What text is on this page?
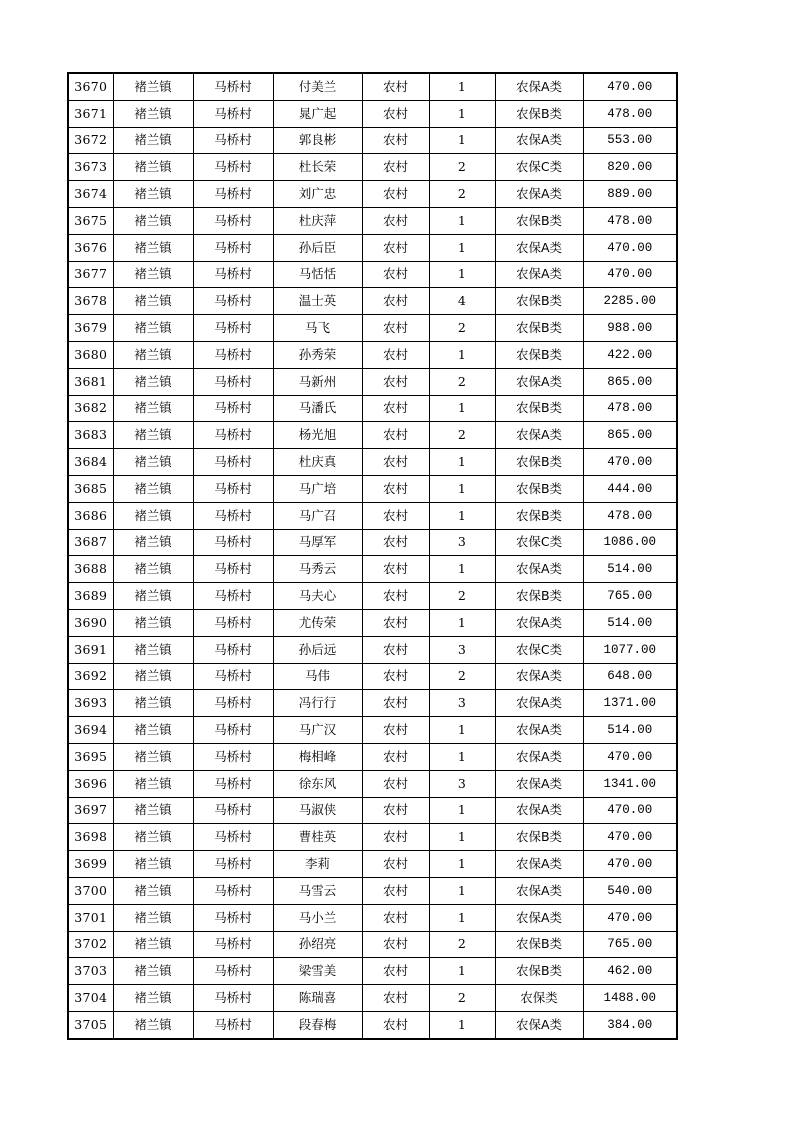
3670	褚兰镇	马桥村	付美兰	农村	1	农保A类	470.00
3671	褚兰镇	马桥村	晁广起	农村	1	农保B类	478.00
3672	褚兰镇	马桥村	郭良彬	农村	1	农保A类	553.00
3673	褚兰镇	马桥村	杜长荣	农村	2	农保C类	820.00
3674	褚兰镇	马桥村	刘广忠	农村	2	农保A类	889.00
3675	褚兰镇	马桥村	杜庆萍	农村	1	农保B类	478.00
3676	褚兰镇	马桥村	孙后臣	农村	1	农保A类	470.00
3677	褚兰镇	马桥村	马恬恬	农村	1	农保A类	470.00
3678	褚兰镇	马桥村	温士英	农村	4	农保B类	2285.00
3679	褚兰镇	马桥村	马飞	农村	2	农保B类	988.00
3680	褚兰镇	马桥村	孙秀荣	农村	1	农保B类	422.00
3681	褚兰镇	马桥村	马新州	农村	2	农保A类	865.00
3682	褚兰镇	马桥村	马潘氏	农村	1	农保B类	478.00
3683	褚兰镇	马桥村	杨光旭	农村	2	农保A类	865.00
3684	褚兰镇	马桥村	杜庆真	农村	1	农保B类	470.00
3685	褚兰镇	马桥村	马广培	农村	1	农保B类	444.00
3686	褚兰镇	马桥村	马广召	农村	1	农保B类	478.00
3687	褚兰镇	马桥村	马厚军	农村	3	农保C类	1086.00
3688	褚兰镇	马桥村	马秀云	农村	1	农保A类	514.00
3689	褚兰镇	马桥村	马夫心	农村	2	农保B类	765.00
3690	褚兰镇	马桥村	尤传荣	农村	1	农保A类	514.00
3691	褚兰镇	马桥村	孙后远	农村	3	农保C类	1077.00
3692	褚兰镇	马桥村	马伟	农村	2	农保A类	648.00
3693	褚兰镇	马桥村	冯行行	农村	3	农保A类	1371.00
3694	褚兰镇	马桥村	马广汉	农村	1	农保A类	514.00
3695	褚兰镇	马桥村	梅相峰	农村	1	农保A类	470.00
3696	褚兰镇	马桥村	徐东风	农村	3	农保A类	1341.00
3697	褚兰镇	马桥村	马淑侠	农村	1	农保A类	470.00
3698	褚兰镇	马桥村	曹桂英	农村	1	农保B类	470.00
3699	褚兰镇	马桥村	李莉	农村	1	农保A类	470.00
3700	褚兰镇	马桥村	马雪云	农村	1	农保A类	540.00
3701	褚兰镇	马桥村	马小兰	农村	1	农保A类	470.00
3702	褚兰镇	马桥村	孙绍亮	农村	2	农保B类	765.00
3703	褚兰镇	马桥村	梁雪美	农村	1	农保B类	462.00
3704	褚兰镇	马桥村	陈瑞喜	农村	2	农保类	1488.00
3705	褚兰镇	马桥村	段春梅	农村	1	农保A类	384.00
